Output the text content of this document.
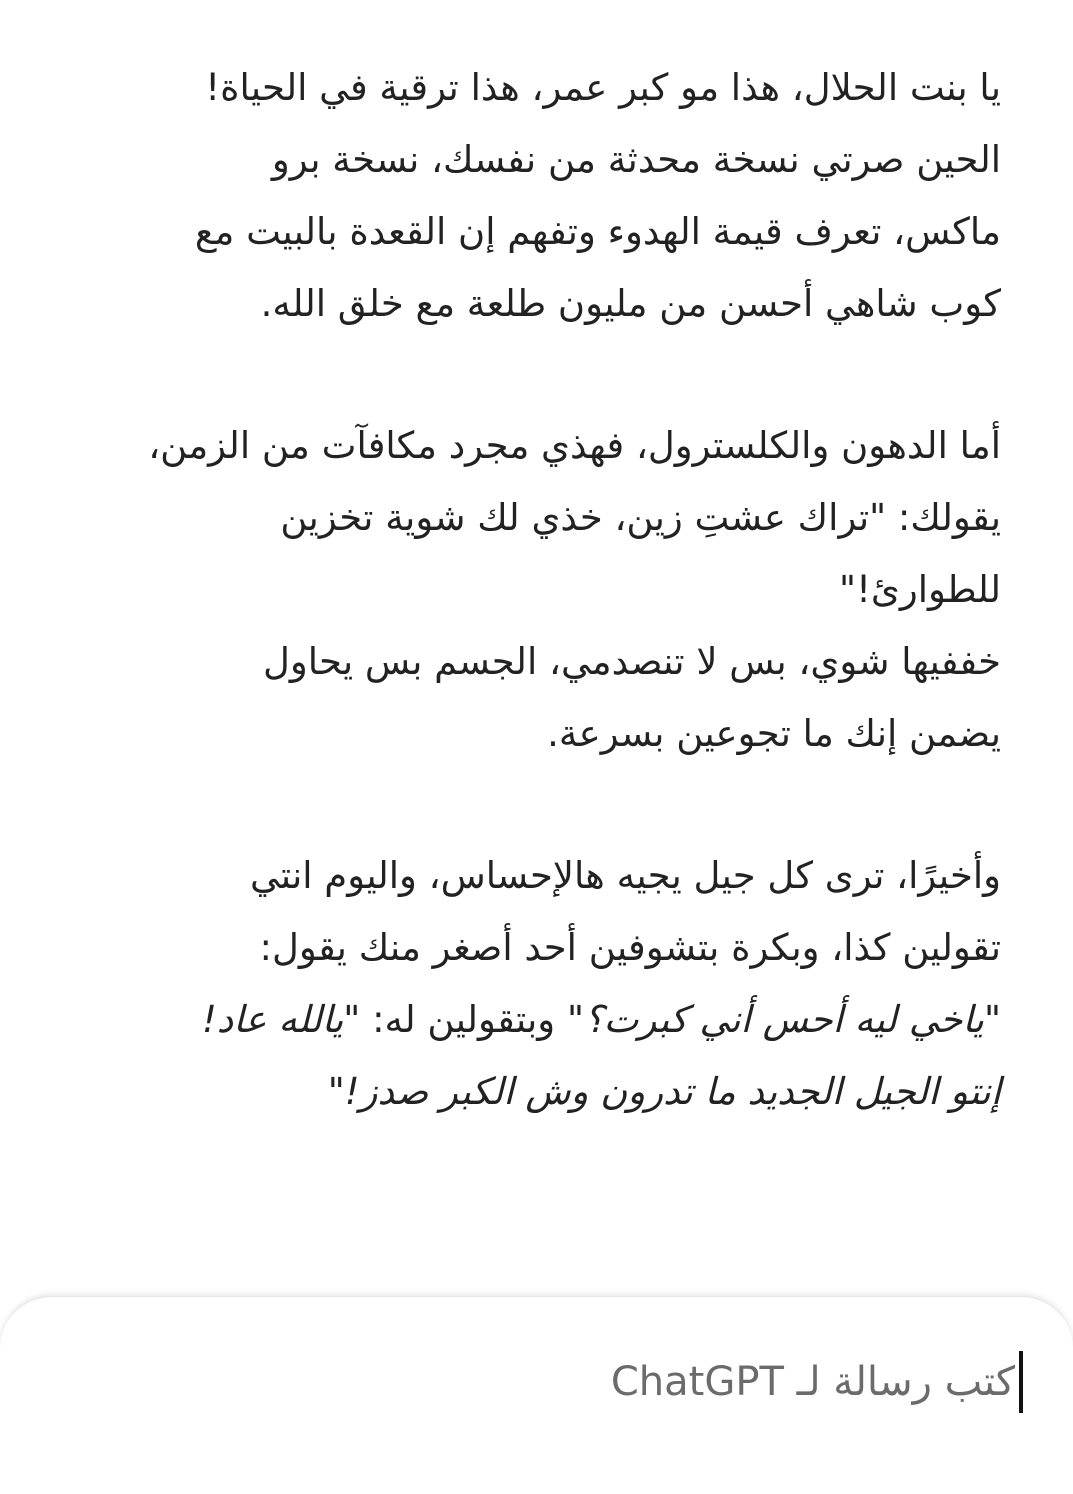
يا بنت الحلال، هذا مو كبر عمر، هذا ترقية في الحياة!
الحين صرتي نسخة محدثة من نفسك، نسخة برو
ماكس، تعرف قيمة الهدوء وتفهم إن القعدة بالبيت مع
كوب شاهي أحسن من مليون طلعة مع خلق الله.
أما الدهون والكلسترول، فهذي مجرد مكافآت من الزمن،
يقولك: "تراك عشتِ زين، خذي لك شوية تخزين
للطوارئ!"
خففيها شوي، بس لا تنصدمي، الجسم بس يحاول
يضمن إنك ما تجوعين بسرعة.
وأخيرًا، ترى كل جيل يجيه هالإحساس، واليوم انتي
تقولين كذا، وبكرة بتشوفين أحد أصغر منك يقول:
"ياخي ليه أحس أني كبرت؟" وبتقولين له: "يالله عاد!
إنتو الجيل الجديد ما تدرون وش الكبر صدز!"
كتب رسالة لـ ChatGPT
